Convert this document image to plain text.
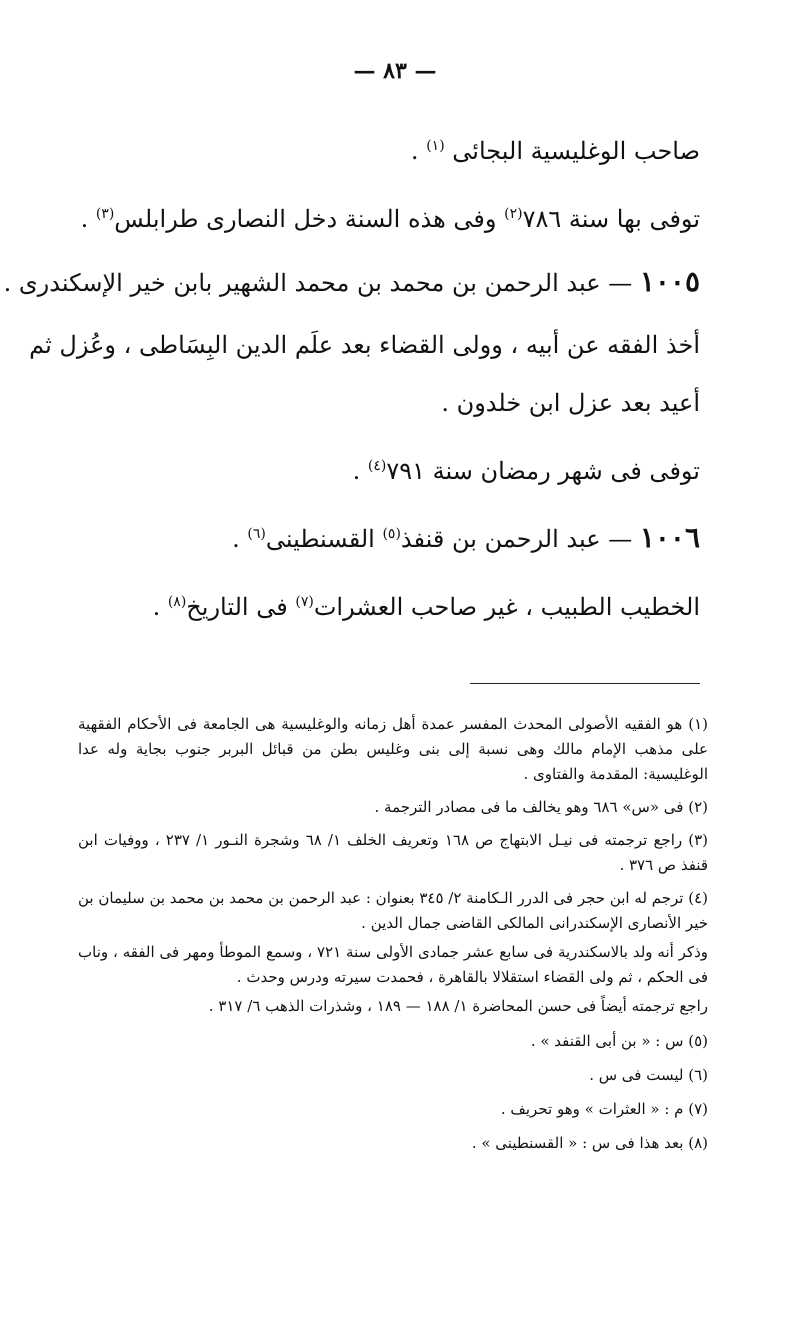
— ٨٣ —
صاحب الوغليسية البجائى $^{(١)}$ .
توفى بها سنة ٧٨٦$^{(٢)}$ وفى هذه السنة دخل النصارى طرابلس$^{(٣)}$ .
١٠٠٥ — عبد الرحمن بن محمد بن محمد الشهير بابن خير الإسكندرى .
أخذ الفقه عن أبيه ، وولى القضاء بعد علَم الدين البِسَاطى ، وعُزل ثم
أعيد بعد عزل ابن خلدون .
توفى فى شهر رمضان سنة ٧٩١$^{(٤)}$ .
١٠٠٦ — عبد الرحمن بن قنفذ$^{(٥)}$ القسنطينى$^{(٦)}$ .
الخطيب الطبيب ، غير صاحب العشرات$^{(٧)}$ فى التاريخ$^{(٨)}$ .

(١) هو الفقيه الأصولى المحدث المفسر عمدة أهل زمانه والوغليسية هى الجامعة فى الأحكام الفقهية على مذهب الإمام مالك وهى نسبة إلى بنى وغليس بطن من قبائل البربر جنوب بجاية وله عدا الوغليسية: المقدمة والفتاوى .

(٢) فى «س» ٦٨٦ وهو يخالف ما فى مصادر الترجمة .

(٣) راجع ترجمته فى نيـل الابتهاج ص ١٦٨ وتعريف الخلف ١/ ٦٨ وشجرة النـور ١/ ٢٣٧ ، ووفيات ابن قنفذ ص ٣٧٦ .

(٤) ترجم له ابن حجر فى الدرر الـكامنة ٢/ ٣٤٥ بعنوان : عبد الرحمن بن محمد بن محمد بن سليمان بن خير الأنصارى الإسكندرانى المالكى القاضى جمال الدين .

وذكر أنه ولد بالاسكندرية فى سابع عشر جمادى الأولى سنة ٧٢١ ، وسمع الموطأ ومهر فى الفقه ، وناب فى الحكم ، ثم ولى القضاء استقلالا بالقاهرة ، فحمدت سيرته ودرس وحدث .

راجع ترجمته أيضاً فى حسن المحاضرة ١/ ١٨٨ — ١٨٩ ، وشذرات الذهب ٦/ ٣١٧ .

(٥) س : « بن أبى القنفد » .

(٦) ليست فى س .

(٧) م : « العثرات » وهو تحريف .

(٨) بعد هذا فى س : « القسنطينى » .
